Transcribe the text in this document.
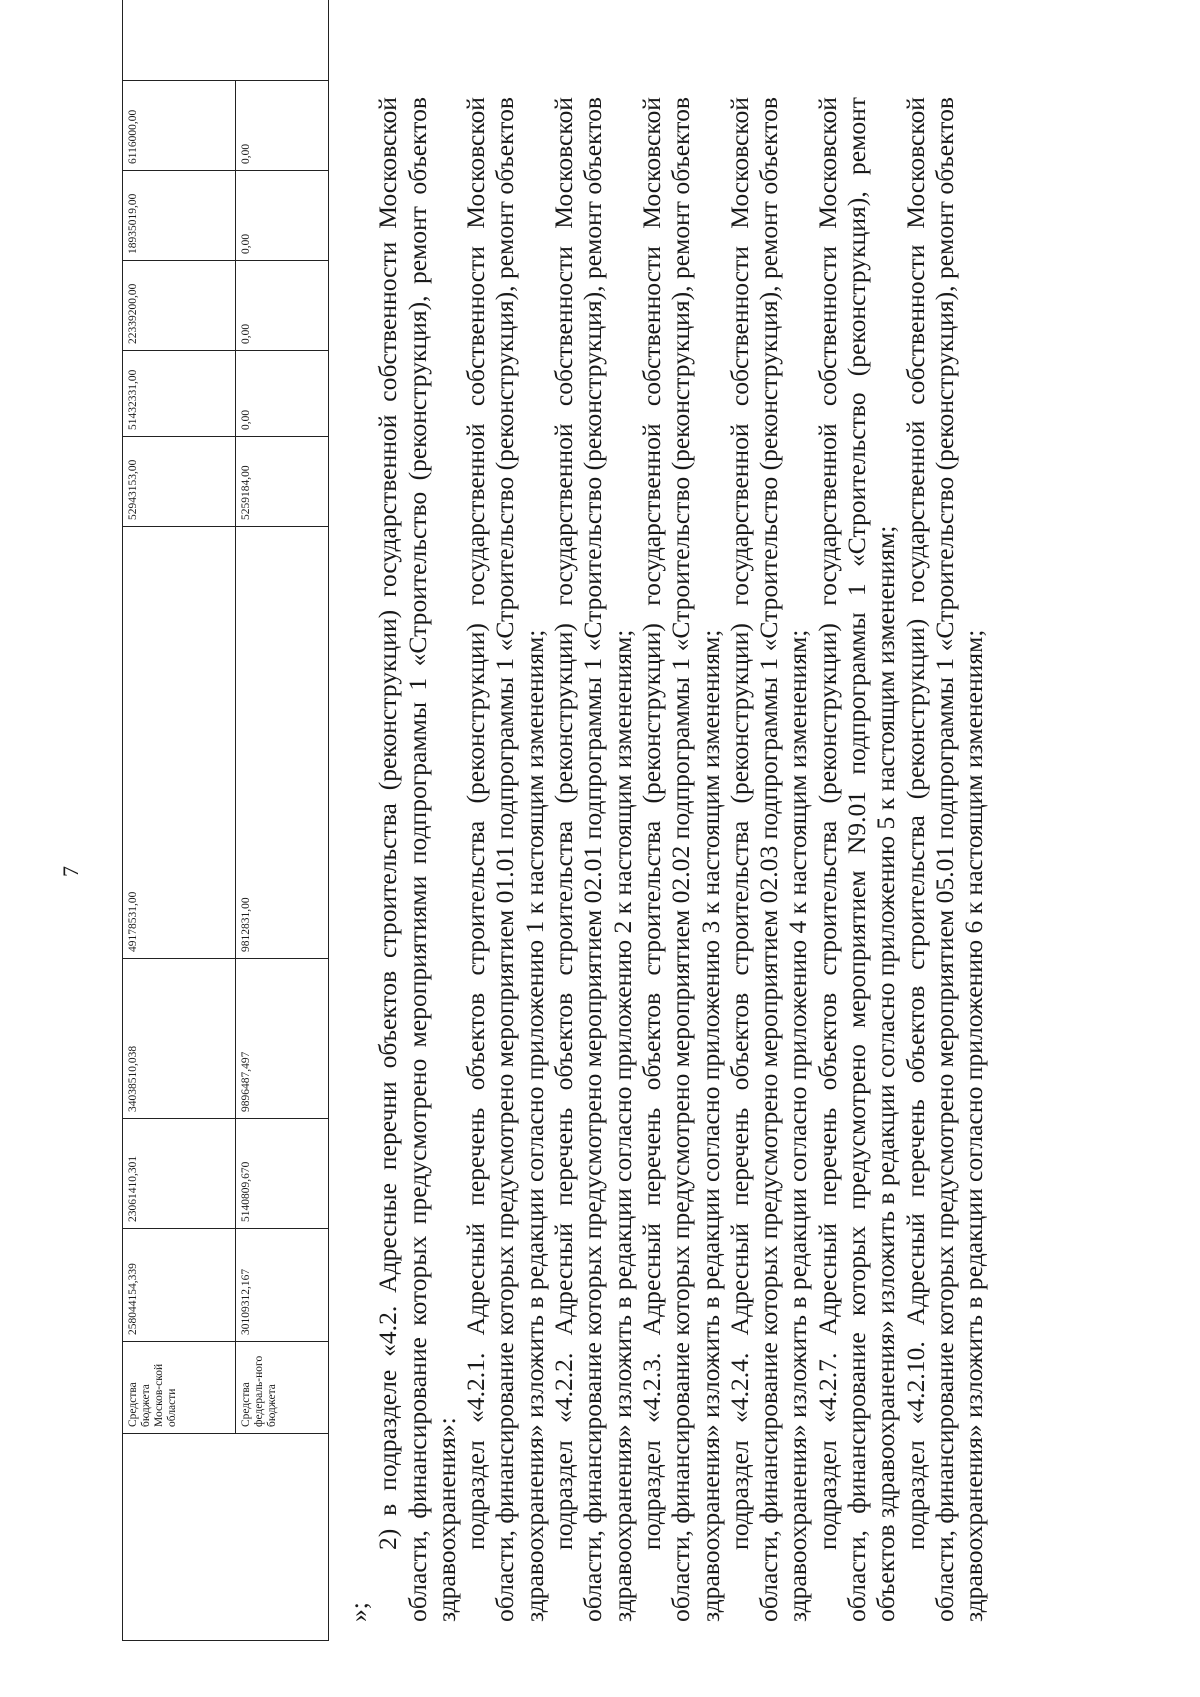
7
	Средства бюджета Москов-ской области	258044154,339	23061410,301	34038510,038	49178531,00	52943153,00	51432331,00	22339200,00	18935019,00	6116000,00	
	Средства федераль-ного бюджета	30109312,167	5140809,670	9896487,497	9812831,00	5259184,00	0,00	0,00	0,00	0,00	

»;

2) в подразделе «4.2. Адресные перечни объектов строительства (реконструкции) государственной собственности Московской области, финансирование которых предусмотрено мероприятиями подпрограммы 1 «Строительство (реконструкция), ремонт объектов здравоохранения»: подраздел «4.2.1. Адресный перечень объектов строительства (реконструкции) государственной собственности Московской области, финансирование которых предусмотрено мероприятием 01.01 подпрограммы 1 «Строительство (реконструкция), ремонт объектов здравоохранения» изложить в редакции согласно приложению 1 к настоящим изменениям; подраздел «4.2.2. Адресный перечень объектов строительства (реконструкции) государственной собственности Московской области, финансирование которых предусмотрено мероприятием 02.01 подпрограммы 1 «Строительство (реконструкция), ремонт объектов здравоохранения» изложить в редакции согласно приложению 2 к настоящим изменениям; подраздел «4.2.3. Адресный перечень объектов строительства (реконструкции) государственной собственности Московской области, финансирование которых предусмотрено мероприятием 02.02 подпрограммы 1 «Строительство (реконструкция), ремонт объектов здравоохранения» изложить в редакции согласно приложению 3 к настоящим изменениям; подраздел «4.2.4. Адресный перечень объектов строительства (реконструкции) государственной собственности Московской области, финансирование которых предусмотрено мероприятием 02.03 подпрограммы 1 «Строительство (реконструкция), ремонт объектов здравоохранения» изложить в редакции согласно приложению 4 к настоящим изменениям; подраздел «4.2.7. Адресный перечень объектов строительства (реконструкции) государственной собственности Московской области, финансирование которых предусмотрено мероприятием N9.01 подпрограммы 1 «Строительство (реконструкция), ремонт объектов здравоохранения» изложить в редакции согласно приложению 5 к настоящим изменениям; подраздел «4.2.10. Адресный перечень объектов строительства (реконструкции) государственной собственности Московской области, финансирование которых предусмотрено мероприятием 05.01 подпрограммы 1 «Строительство (реконструкция), ремонт объектов здравоохранения» изложить в редакции согласно приложению 6 к настоящим изменениям;
